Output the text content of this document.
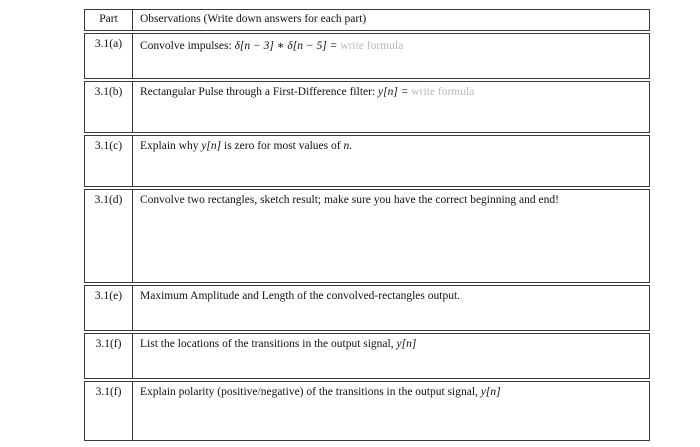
Part	Observations (Write down answers for each part)
3.1(a)	Convolve impulses: δ[n − 3] ∗ δ[n − 5] = write formula
3.1(b)	Rectangular Pulse through a First-Difference filter: y[n] = write formula
3.1(c)	Explain why y[n] is zero for most values of n.
3.1(d)	Convolve two rectangles, sketch result; make sure you have the correct beginning and end!
3.1(e)	Maximum Amplitude and Length of the convolved-rectangles output.
3.1(f)	List the locations of the transitions in the output signal, y[n]
3.1(f)	Explain polarity (positive/negative) of the transitions in the output signal, y[n]
